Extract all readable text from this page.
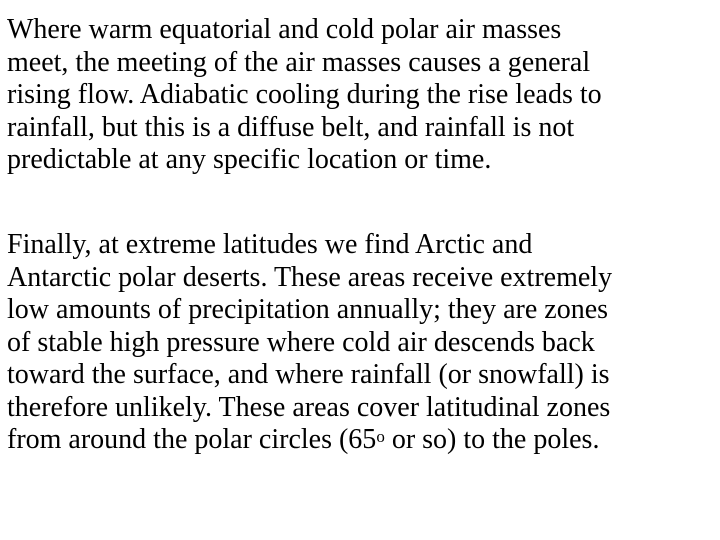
Where warm equatorial and cold polar air masses
meet, the meeting of the air masses causes a general
rising flow. Adiabatic cooling during the rise leads to
rainfall, but this is a diffuse belt, and rainfall is not
predictable at any specific location or time.

Finally, at extreme latitudes we find Arctic and
Antarctic polar deserts. These areas receive extremely
low amounts of precipitation annually; they are zones
of stable high pressure where cold air descends back
toward the surface, and where rainfall (or snowfall) is
therefore unlikely. These areas cover latitudinal zones
from around the polar circles (65$^o$ or so) to the poles.
